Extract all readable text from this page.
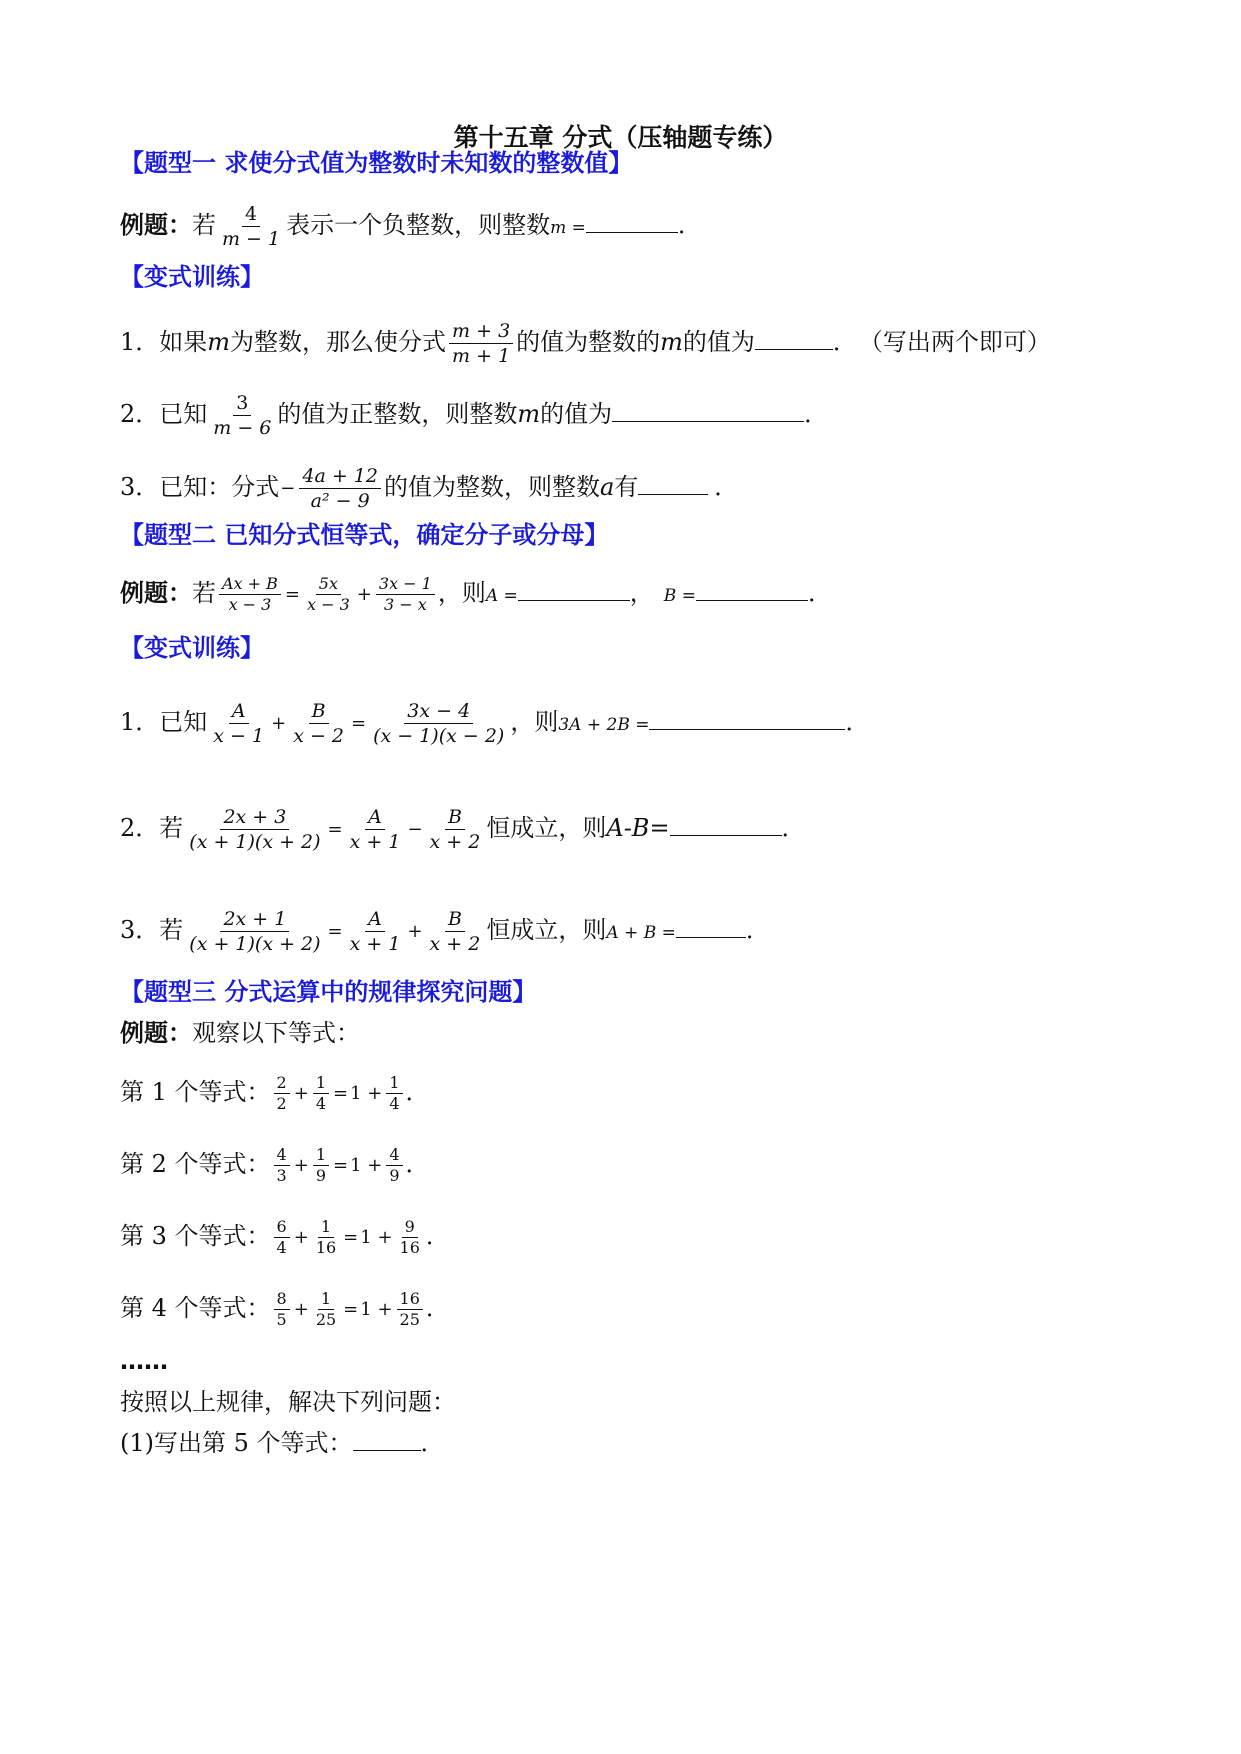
第十五章 分式（压轴题专练）
【题型一 求使分式值为整数时未知数的整数值】
例题：若 $\frac{4}{m - 1}$ 表示一个负整数，则整数m =	．
【变式训练】
1．如果m为整数，那么使分式 $\frac{m + 3}{m + 1}$ 的值为整数的m的值为	． （写出两个即可）
2．已知 $\frac{3}{m - 6}$ 的值为正整数，则整数m的值为	．
3．已知：分式− $\frac{4a + 12}{\text{a² − 9}}$ 的值为整数，则整数a有	．
【题型二 已知分式恒等式，确定分子或分母】
例题：若 $\frac{Ax + B}{x - 3} = \frac{5x}{x - 3} + \frac{3x - 1}{3 - x}$ ，则A =	， B =	．
【变式训练】
1．已知 $\frac{A}{x - 1} + \frac{B}{x - 2} = \frac{3x - 4}{(x - 1)(x - 2)}$ ，则3A + 2B =	．
2．若 $\frac{2x + 3}{(x + 1)(x + 2)} = \frac{A}{x + 1} - \frac{B}{x + 2}$ 恒成立，则A-B=	．
3．若 $\frac{2x + 1}{(x + 1)(x + 2)} = \frac{A}{x + 1} + \frac{B}{x + 2}$ 恒成立，则A + B =	．
【题型三 分式运算中的规律探究问题】
例题：观察以下等式：
第 1 个等式： $\frac{2}{2} + \frac{1}{4} = 1 + \frac{1}{4}$ ．
第 2 个等式： $\frac{4}{3} + \frac{1}{9} = 1 + \frac{4}{9}$ ．
第 3 个等式： $\frac{6}{4} + \frac{1}{16} = 1 + \frac{9}{16}$ ．
第 4 个等式： $\frac{8}{5} + \frac{1}{25} = 1 + \frac{16}{25}$ ．
……
按照以上规律，解决下列问题：
(1)写出第 5 个等式：	．
